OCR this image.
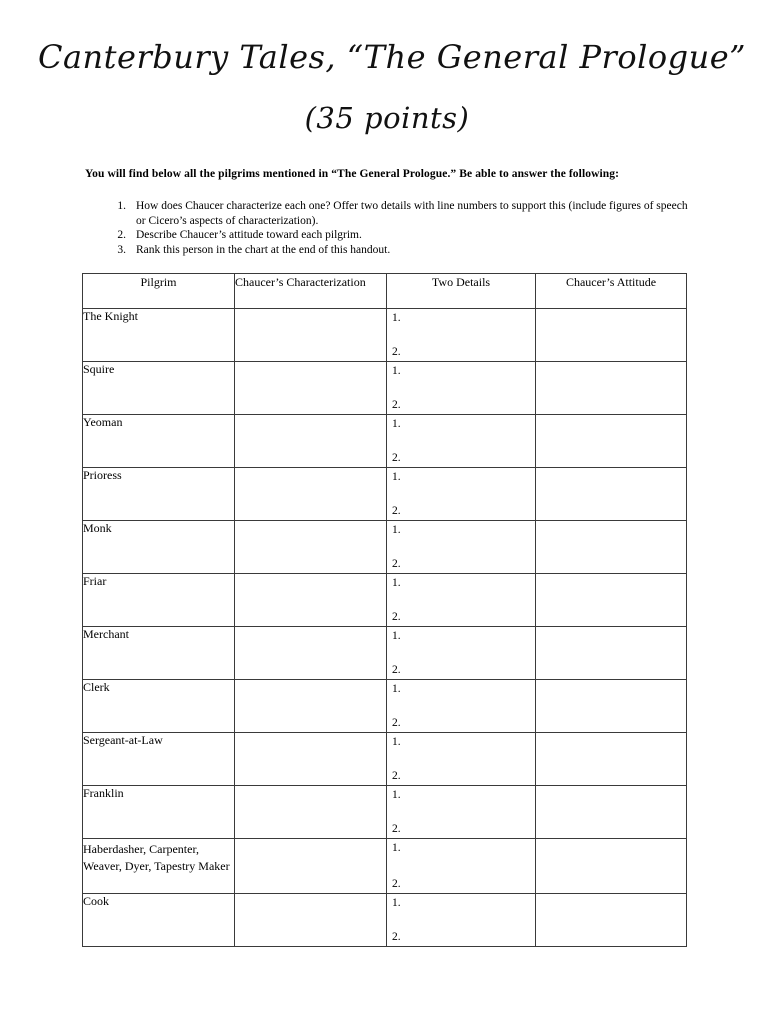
Canterbury Tales, “The General Prologue”
(35 points)
You will find below all the pilgrims mentioned in “The General Prologue.” Be able to answer the following:
1. How does Chaucer characterize each one? Offer two details with line numbers to support this (include figures of speech or Cicero’s aspects of characterization).
2. Describe Chaucer’s attitude toward each pilgrim.
3. Rank this person in the chart at the end of this handout.
Pilgrim	Chaucer’s Characterization	Two Details	Chaucer’s Attitude
The Knight		1.
2.	

Squire		1.
2.	

Yeoman		1.
2.	

Prioress		1.
2.	

Monk		1.
2.	

Friar		1.
2.	

Merchant		1.
2.	

Clerk		1.
2.	

Sergeant-at-Law		1.
2.	

Franklin		1.
2.	

Haberdasher, Carpenter, Weaver, Dyer, Tapestry Maker		1.
2.	

Cook		1.
2.	
